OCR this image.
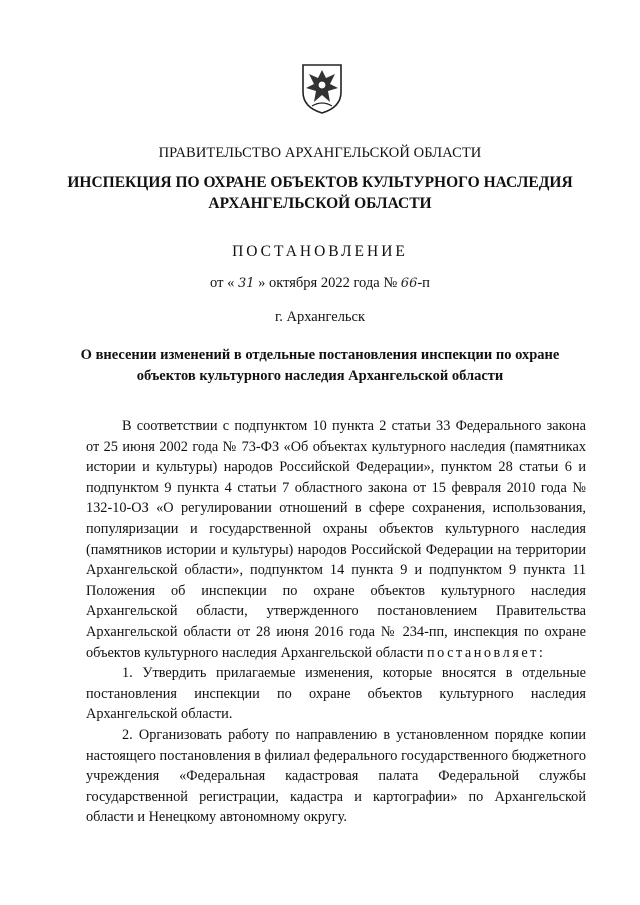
ПРАВИТЕЛЬСТВО АРХАНГЕЛЬСКОЙ ОБЛАСТИ
ИНСПЕКЦИЯ ПО ОХРАНЕ ОБЪЕКТОВ КУЛЬТУРНОГО НАСЛЕДИЯ
АРХАНГЕЛЬСКОЙ ОБЛАСТИ
ПОСТАНОВЛЕНИЕ
от « 31 » октября 2022 года № 66-п
г. Архангельск
О внесении изменений в отдельные постановления инспекции по охране
объектов культурного наследия Архангельской области

В соответствии с подпунктом 10 пункта 2 статьи 33 Федерального закона от 25 июня 2002 года № 73-ФЗ «Об объектах культурного наследия (памятниках истории и культуры) народов Российской Федерации», пунктом 28 статьи 6 и подпунктом 9 пункта 4 статьи 7 областного закона от 15 февраля 2010 года № 132-10-ОЗ «О регулировании отношений в сфере сохранения, использования, популяризации и государственной охраны объектов культурного наследия (памятников истории и культуры) народов Российской Федерации на территории Архангельской области», подпунктом 14 пункта 9 и подпунктом 9 пункта 11 Положения об инспекции по охране объектов культурного наследия Архангельской области, утвержденного постановлением Правительства Архангельской области от 28 июня 2016 года № 234-пп, инспекция по охране объектов культурного наследия Архангельской области постановляет:

1. Утвердить прилагаемые изменения, которые вносятся в отдельные постановления инспекции по охране объектов культурного наследия Архангельской области.

2. Организовать работу по направлению в установленном порядке копии настоящего постановления в филиал федерального государственного бюджетного учреждения «Федеральная кадастровая палата Федеральной службы государственной регистрации, кадастра и картографии» по Архангельской области и Ненецкому автономному округу.
